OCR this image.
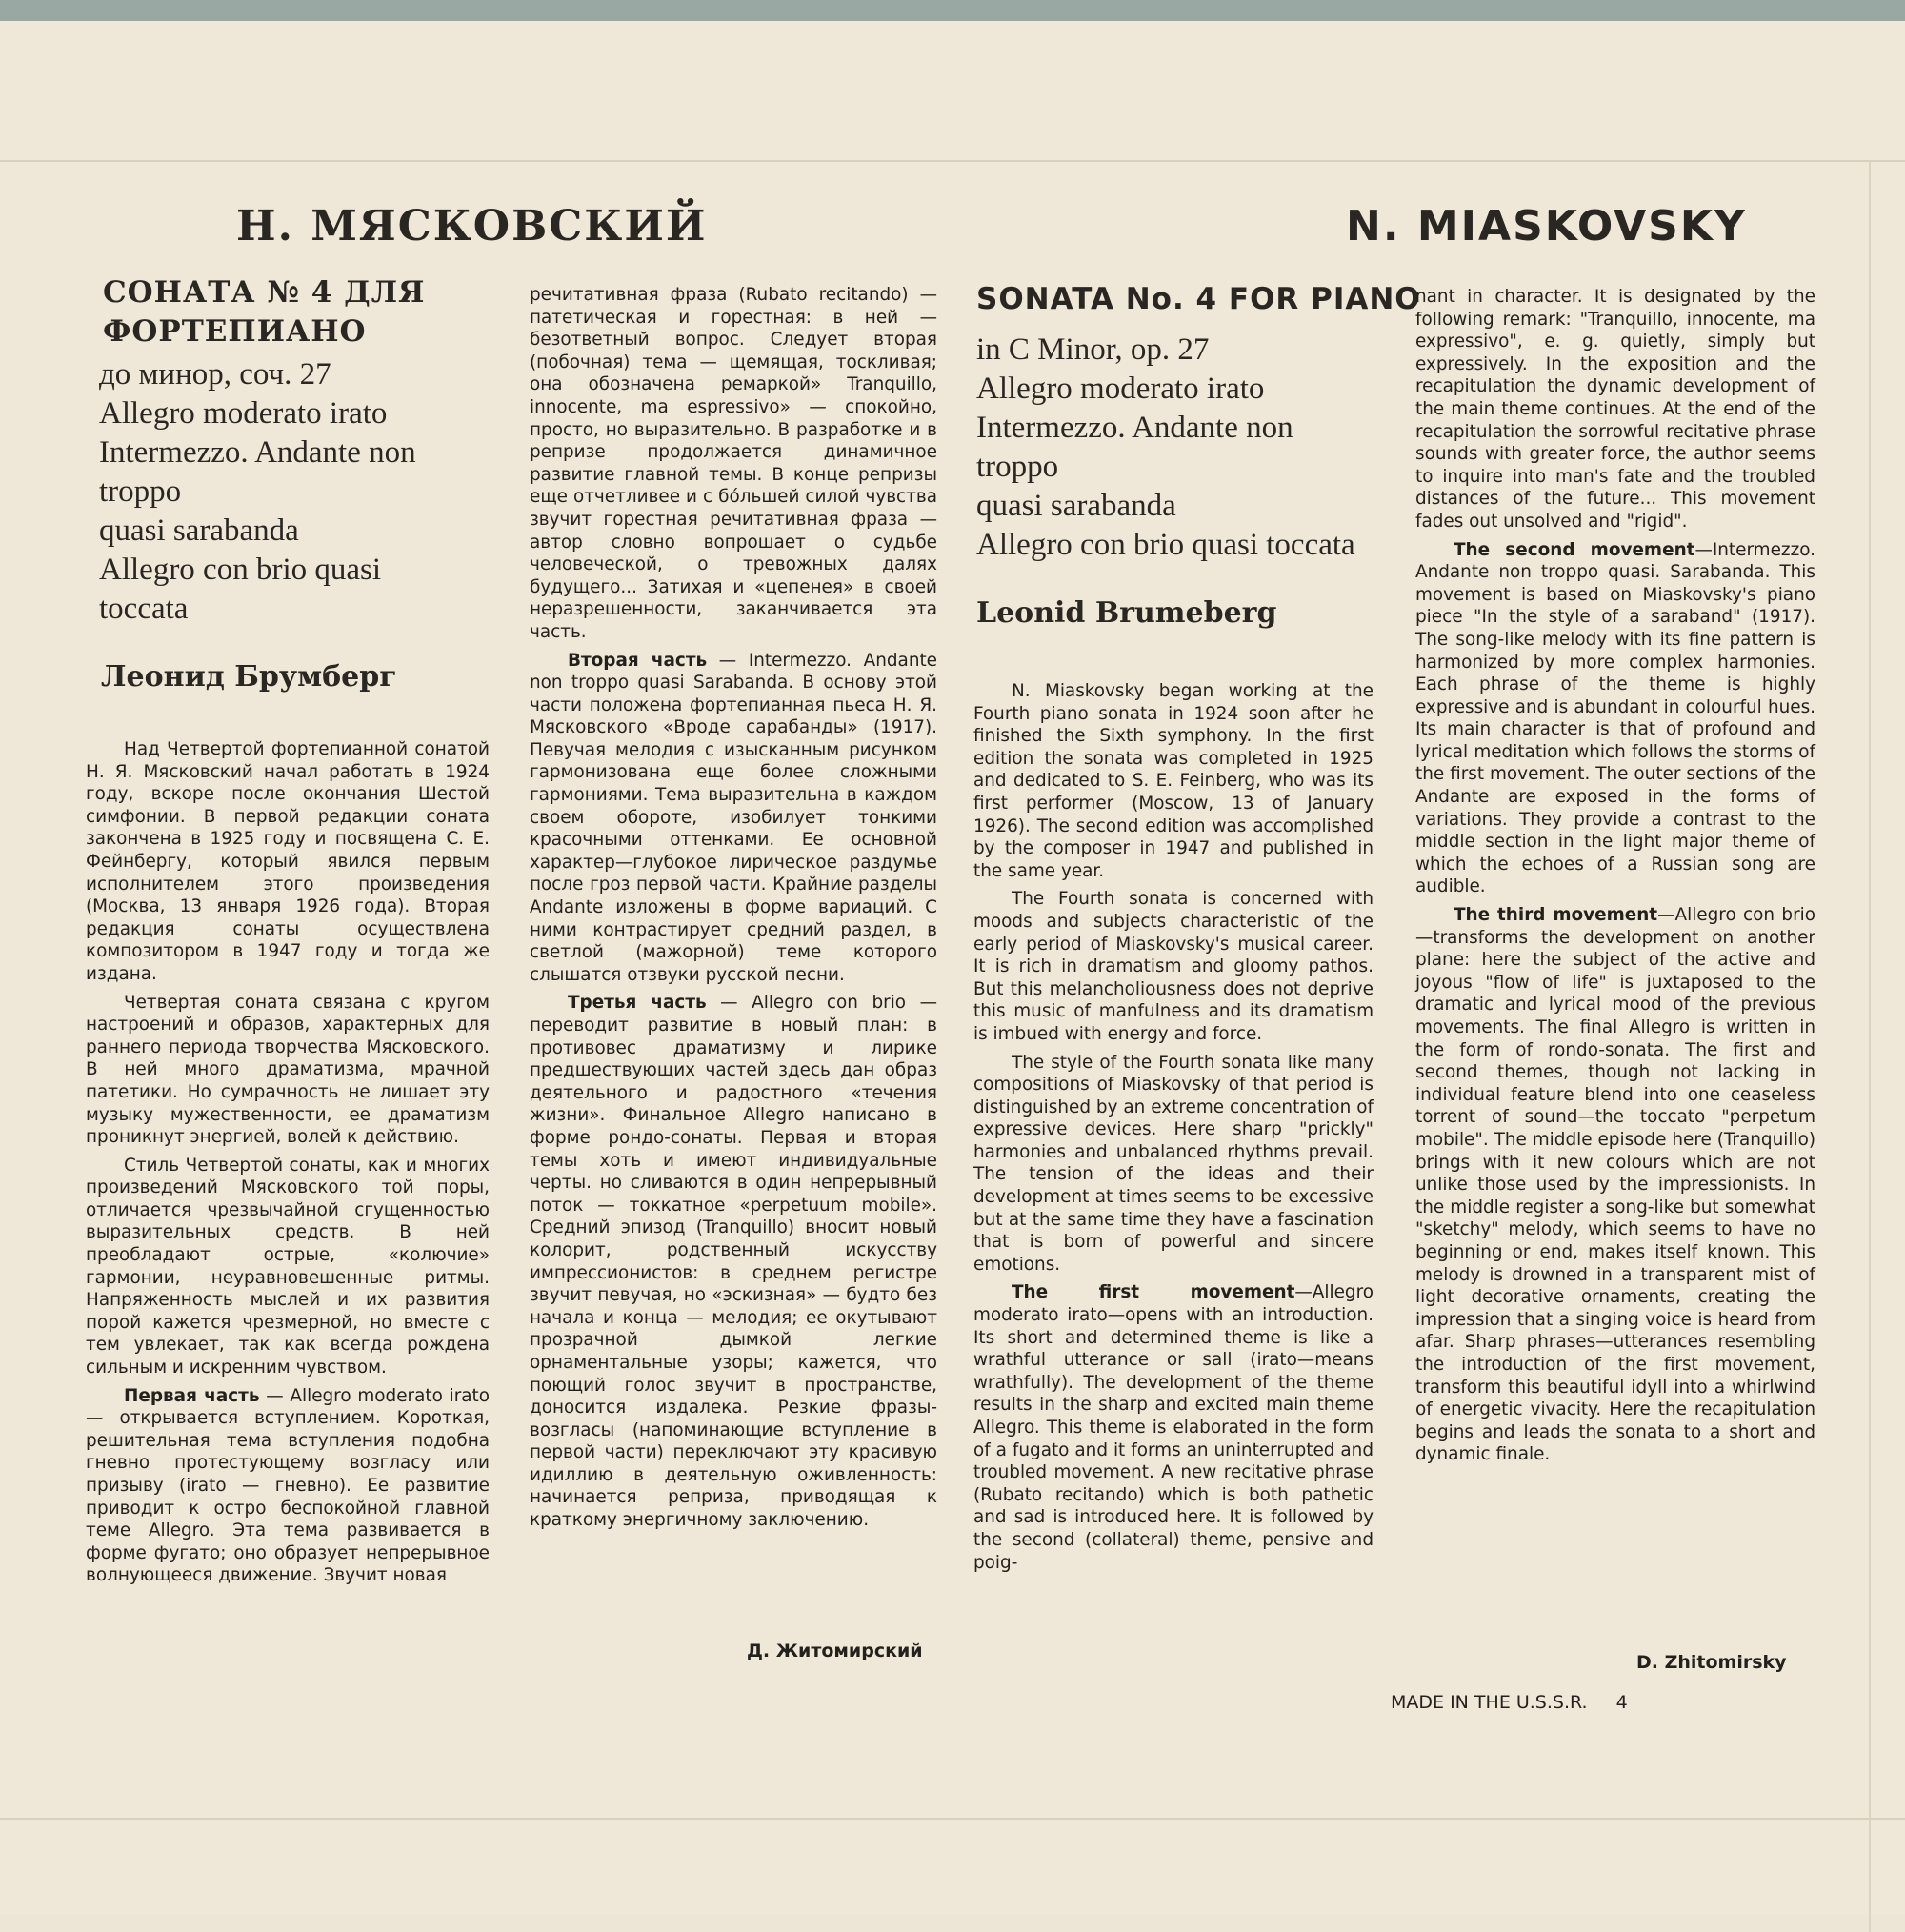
Н. МЯСКОВСКИЙ
СОНАТА № 4 ДЛЯ ФОРТЕПИАНО
до минор, соч. 27
Allegro moderato irato
Intermezzo. Andante non
troppo
quasi sarabanda
Allegro con brio quasi
toccata
Леонид Брумберг

Над Четвертой фортепианной сонатой Н. Я. Мясковский начал работать в 1924 году, вскоре после окончания Шестой симфонии. В первой редакции соната закончена в 1925 году и посвящена С. Е. Фейнбергу, который явился первым исполнителем этого произведения (Москва, 13 января 1926 года). Вторая редакция сонаты осуществлена композитором в 1947 году и тогда же издана.

Четвертая соната связана с кругом настроений и образов, характерных для раннего периода творчества Мясковского. В ней много драматизма, мрачной патетики. Но сумрачность не лишает эту музыку мужественности, ее драматизм проникнут энергией, волей к действию.

Стиль Четвертой сонаты, как и многих произведений Мясковского той поры, отличается чрезвычайной сгущенностью выразительных средств. В ней преобладают острые, «колючие» гармонии, неуравновешенные ритмы. Напряженность мыслей и их развития порой кажется чрезмерной, но вместе с тем увлекает, так как всегда рождена сильным и искренним чувством.

Первая часть — Allegro moderato irato — открывается вступлением. Короткая, решительная тема вступления подобна гневно протестующему возгласу или призыву (irato — гневно). Ее развитие приводит к остро беспокойной главной теме Allegro. Эта тема развивается в форме фугато; оно образует непрерывное волнующееся движение. Звучит новая

речитативная фраза (Rubato recitando) — патетическая и горестная: в ней — безответный вопрос. Следует вторая (побочная) тема — щемящая, тоскливая; она обозначена ремаркой» Tranquillo, innocente, ma espressivo» — спокойно, просто, но выразительно. В разработке и в репризе продолжается динамичное развитие главной темы. В конце репризы еще отчетливее и с бóльшей силой чувства звучит горестная речитативная фраза — автор словно вопрошает о судьбе человеческой, о тревожных далях будущего... Затихая и «цепенея» в своей неразрешенности, заканчивается эта часть.

Вторая часть — Intermezzo. Andante non troppo quasi Sarabanda. В основу этой части положена фортепианная пьеса Н. Я. Мясковского «Вроде сарабанды» (1917). Певучая мелодия с изысканным рисунком гармонизована еще более сложными гармониями. Тема выразительна в каждом своем обороте, изобилует тонкими красочными оттенками. Ее основной характер—глубокое лирическое раздумье после гроз первой части. Крайние разделы Andante изложены в форме вариаций. С ними контрастирует средний раздел, в светлой (мажорной) теме которого слышатся отзвуки русской песни.

Третья часть — Allegro con brio — переводит развитие в новый план: в противовес драматизму и лирике предшествующих частей здесь дан образ деятельного и радостного «течения жизни». Финальное Allegro написано в форме рондо-сонаты. Первая и вторая темы хоть и имеют индивидуальные черты. но сливаются в один непрерывный поток — токкатное «perpetuum mobile». Средний эпизод (Tranquillo) вносит новый колорит, родственный искусству импрессионистов: в среднем регистре звучит певучая, но «эскизная» — будто без начала и конца — мелодия; ее окутывают прозрачной дымкой легкие орнаментальные узоры; кажется, что поющий голос звучит в пространстве, доносится издалека. Резкие фразы-возгласы (напоминающие вступление в первой части) переключают эту красивую идиллию в деятельную оживленность: начинается реприза, приводящая к краткому энергичному заключению.

Д. Житомирский
N. MIASKOVSKY
SONATA No. 4 FOR PIANO
in C Minor, op. 27
Allegro moderato irato
Intermezzo. Andante non
troppo
quasi sarabanda
Allegro con brio quasi toccata
Leonid Brumeberg

N. Miaskovsky began working at the Fourth piano sonata in 1924 soon after he finished the Sixth symphony. In the first edition the sonata was completed in 1925 and dedicated to S. E. Feinberg, who was its first performer (Moscow, 13 of January 1926). The second edition was accomplished by the composer in 1947 and published in the same year.

The Fourth sonata is concerned with moods and subjects characteristic of the early period of Miaskovsky's musical career. It is rich in dramatism and gloomy pathos. But this melancholiousness does not deprive this music of manfulness and its dramatism is imbued with energy and force.

The style of the Fourth sonata like many compositions of Miaskovsky of that period is distinguished by an extreme concentration of expressive devices. Here sharp "prickly" harmonies and unbalanced rhythms prevail. The tension of the ideas and their development at times seems to be excessive but at the same time they have a fascination that is born of powerful and sincere emotions.

The first movement—Allegro moderato irato—opens with an introduction. Its short and determined theme is like a wrathful utterance or sall (irato—means wrathfully). The development of the theme results in the sharp and excited main theme Allegro. This theme is elaborated in the form of a fugato and it forms an uninterrupted and troubled movement. A new recitative phrase (Rubato recitando) which is both pathetic and sad is introduced here. It is followed by the second (collateral) theme, pensive and poig-

nant in character. It is designated by the following remark: "Tranquillo, innocente, ma expressivo", e. g. quietly, simply but expressively. In the exposition and the recapitulation the dynamic development of the main theme continues. At the end of the recapitulation the sorrowful recitative phrase sounds with greater force, the author seems to inquire into man's fate and the troubled distances of the future... This movement fades out unsolved and "rigid".

The second movement—Intermezzo. Andante non troppo quasi. Sarabanda. This movement is based on Miaskovsky's piano piece "In the style of a saraband" (1917). The song-like melody with its fine pattern is harmonized by more complex harmonies. Each phrase of the theme is highly expressive and is abundant in colourful hues. Its main character is that of profound and lyrical meditation which follows the storms of the first movement. The outer sections of the Andante are exposed in the forms of variations. They provide a contrast to the middle section in the light major theme of which the echoes of a Russian song are audible.

The third movement—Allegro con brio—transforms the development on another plane: here the subject of the active and joyous "flow of life" is juxtaposed to the dramatic and lyrical mood of the previous movements. The final Allegro is written in the form of rondo-sonata. The first and second themes, though not lacking in individual feature blend into one ceaseless torrent of sound—the toccato "perpetum mobile". The middle episode here (Tranquillo) brings with it new colours which are not unlike those used by the impressionists. In the middle register a song-like but somewhat "sketchy" melody, which seems to have no beginning or end, makes itself known. This melody is drowned in a transparent mist of light decorative ornaments, creating the impression that a singing voice is heard from afar. Sharp phrases—utterances resembling the introduction of the first movement, transform this beautiful idyll into a whirlwind of energetic vivacity. Here the recapitulation begins and leads the sonata to a short and dynamic finale.

D. Zhitomirsky
MADE IN THE U.S.S.R. 4
